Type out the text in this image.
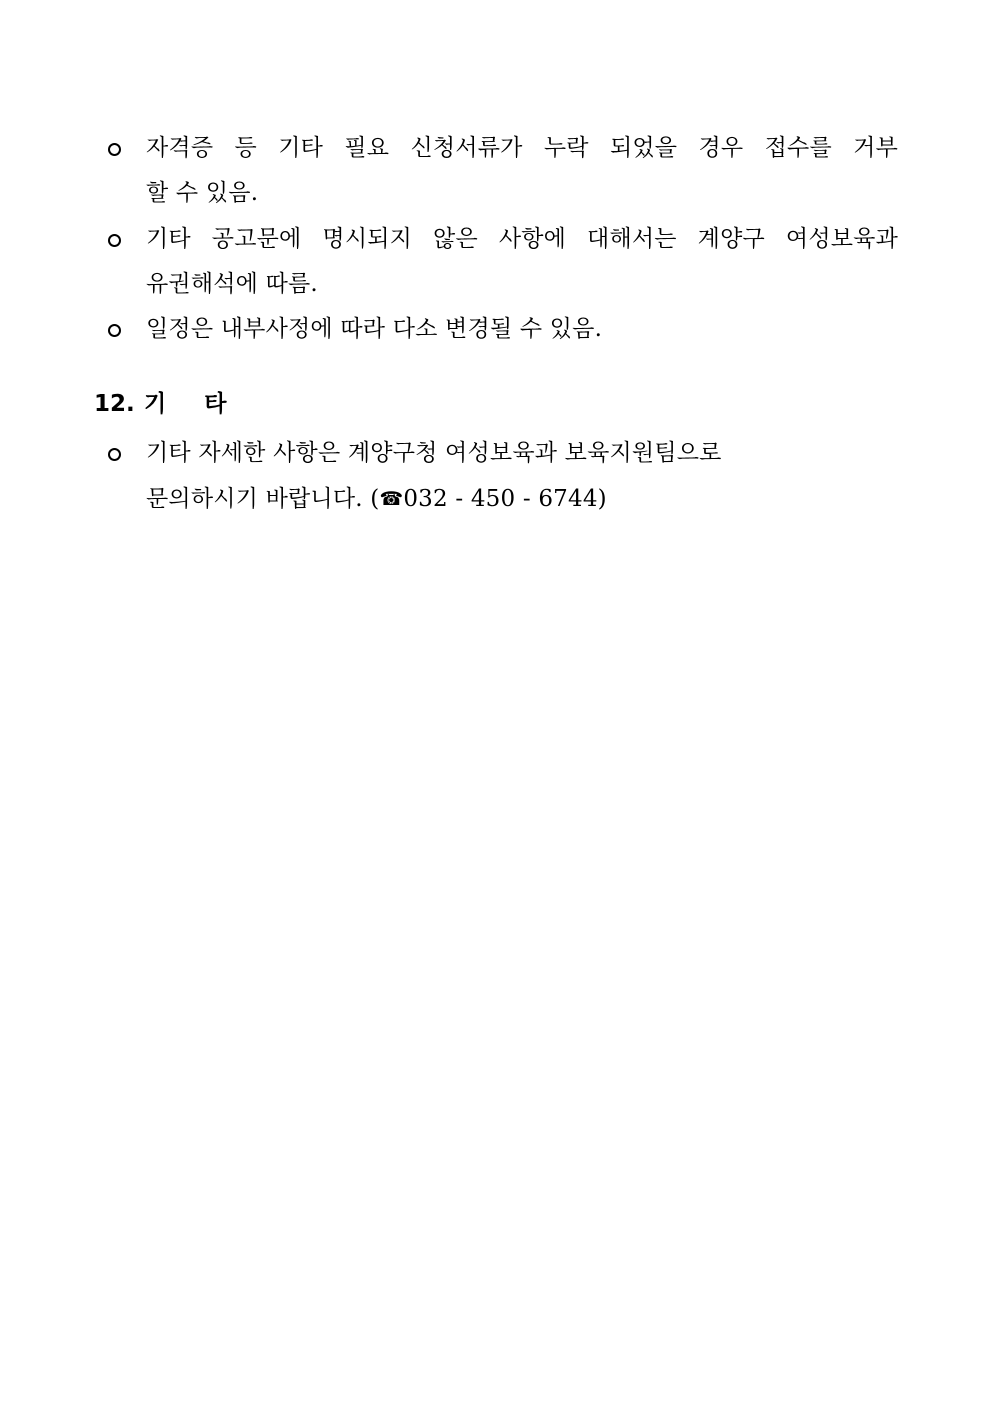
자격증 등 기타 필요 신청서류가 누락 되었을 경우 접수를 거부
할 수 있음.
기타 공고문에 명시되지 않은 사항에 대해서는 계양구 여성보육과
유권해석에 따름.
일정은 내부사정에 따라 다소 변경될 수 있음.
12. 기타
기타 자세한 사항은 계양구청 여성보육과 보육지원팀으로
문의하시기 바랍니다. (☎032 - 450 - 6744)
